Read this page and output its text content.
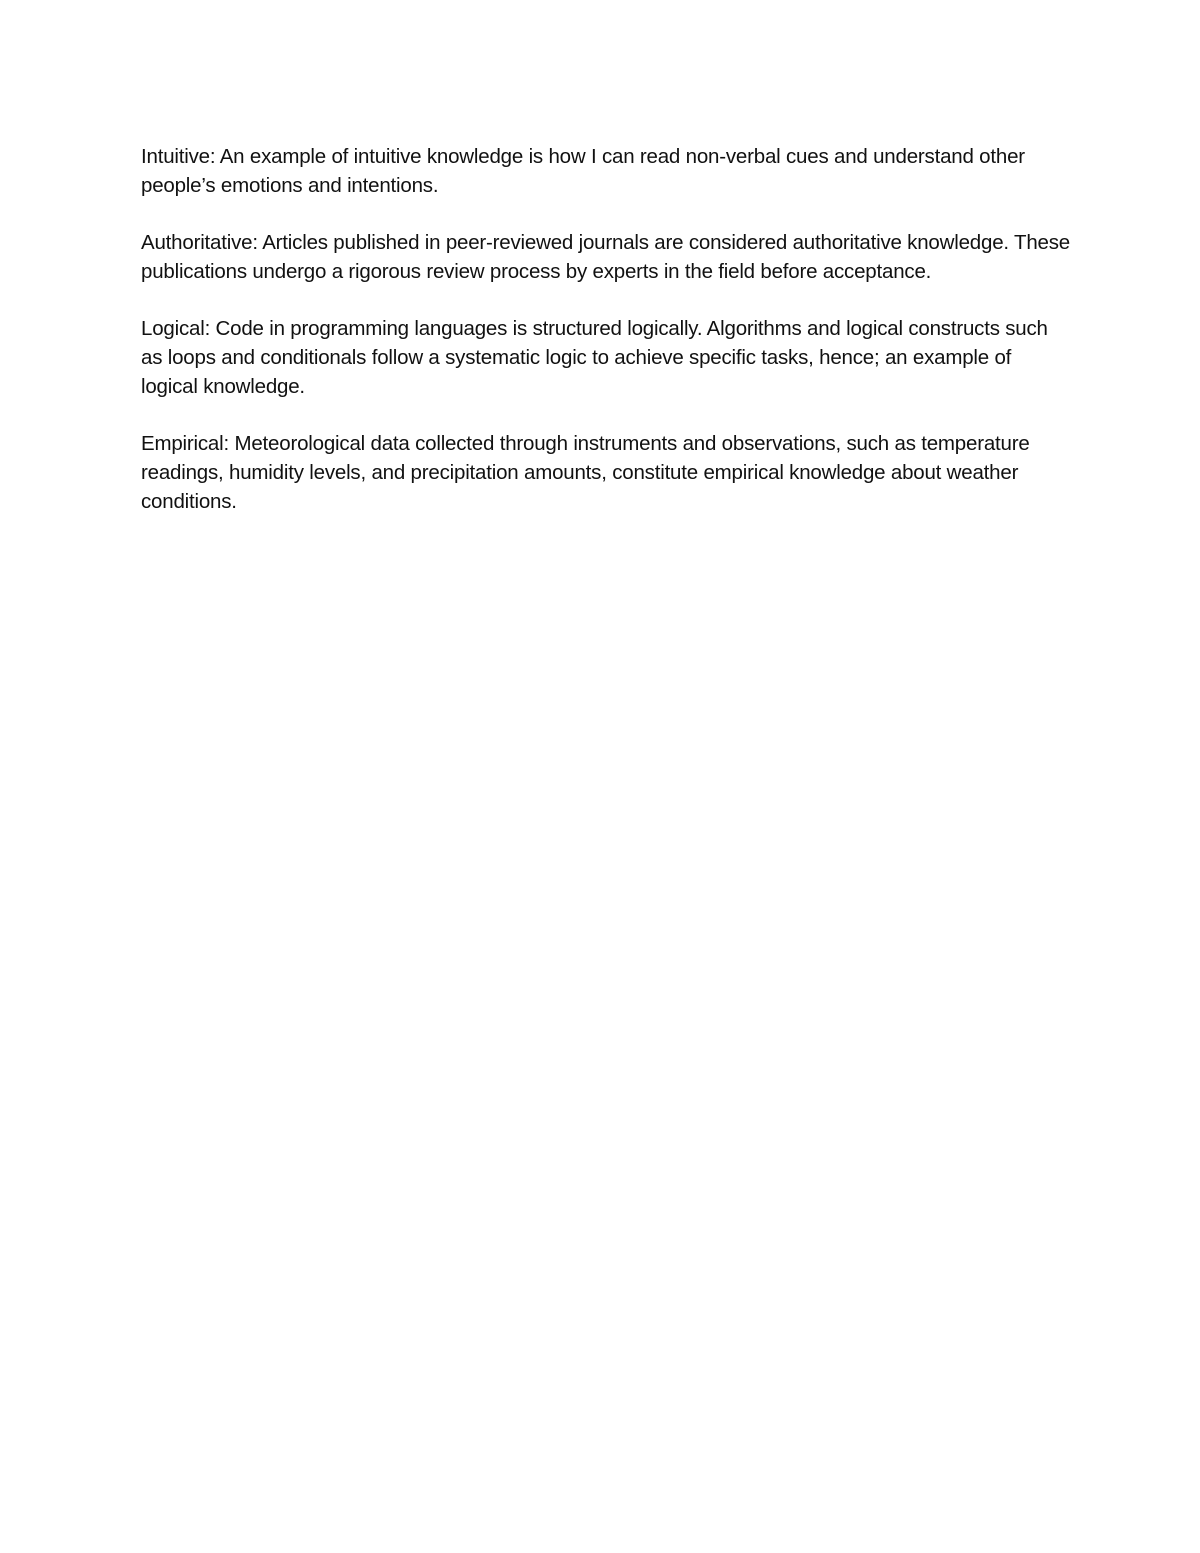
Intuitive: An example of intuitive knowledge is how I can read non-verbal cues and understand other people’s emotions and intentions.

Authoritative: Articles published in peer-reviewed journals are considered authoritative knowledge. These publications undergo a rigorous review process by experts in the field before acceptance.

Logical: Code in programming languages is structured logically. Algorithms and logical constructs such as loops and conditionals follow a systematic logic to achieve specific tasks, hence; an example of logical knowledge.

Empirical: Meteorological data collected through instruments and observations, such as temperature readings, humidity levels, and precipitation amounts, constitute empirical knowledge about weather conditions.
